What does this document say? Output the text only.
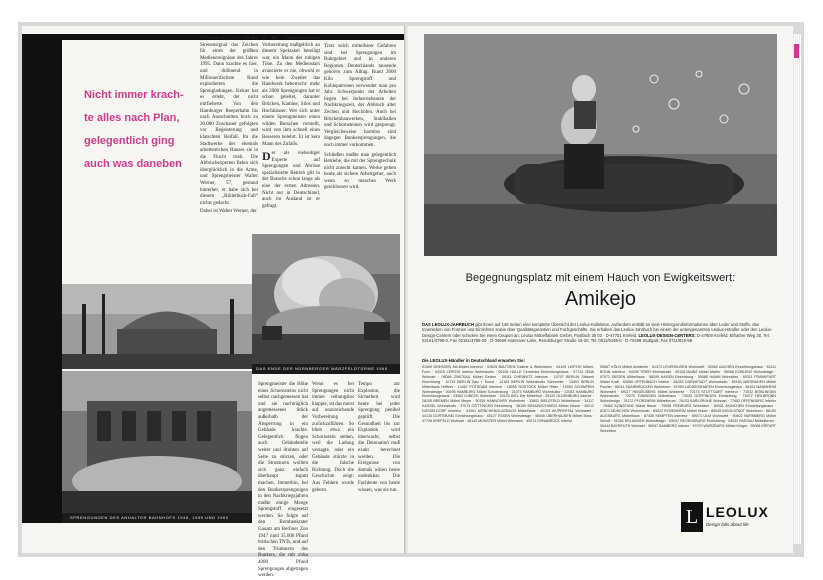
Nicht immer krach-
te alles nach Plan,
gelegentlich ging
auch was daneben
Pünktlich um 13 Uhr gab ein Sirenensignal das Zeichen für eines der größten Medienereignisse des Jahres 1995. Dann krachte es hier, und dröhnend in Millionenfachem Rund explodierten die Sprengladungen. Keiner hat es erlebt, der nicht mitfieberte. Von den Hamburger Reeperbahn bis nach Ausschnitten hoch zu 30.000 Zuschauer gefolgten vor Begeisterung und klatschten Beifall. Im die Stadtwerke des ehemals arbeitsreichen Hauses sie in die Flucht trieb. Die Abbruchexperten fielen sich überglücklich in die Arme, und Sprengmeister Walter Werner, 57, gestand hinterher, er habe sich bei diesem „Bilderbuch-Fall“ nichts gedacht.
Dabei ist Walter Werner, der
in der vieltausendfachen Vorbereitung maßgeblich an diesem Spektakel beteiligt war, ein Mann der ruhigen Töne. Zu den Medienstars avancierte er nie, obwohl er wie kein Zweiter das Handwerk beherrscht: mehr als 2000 Sprengungen hat er schon geleitet, darunter Brücken, Kamine, Silos und Hochhäuser. Wer sich unter einem Sprengmeister einen wilden Burschen vorstellt, wird von ihm schnell eines Besseren belehrt. Er ist kein Mann des Zufalls.
Der als vielseitiger Experte auf Sprengungen und Abrisse spezialisierte Betrieb gilt in der Branche schon lange als eine der ersten Adressen. Nicht nur in Deutschland, auch im Ausland ist er gefragt.
Trotz solch mittelbarer Gefahren sind bei Sprengungen im Ruhrgebiet und in anderen Regionen Deutschlands tausende gehören zum Alltag. Rund 2000 Kilo Sprengstoff und Kohlepatronen verwendet man pro Jahr. Schwerpunkt der Arbeiten liegen bei Industriebauten der Nachkriegszeit, der Abbruch alter Zechen und Hochöfen. Auch bei Brückenbauwerken, Stahlhallen und Schornsteinen wird gesprengt. Vergleichsweise harmlos sind dagegen Bunkersprengungen, die noch immer vorkommen.
Schließen mußte man gelegentlich Betriebe, die mit der Sprengtechnik nicht zurecht kamen. Werke gelten heute als sichere Arbeitgeber, auch wenn so manches Werk geschlossen wird.
DAS ENDE DER NÜRNBERGER MÄRZFELDTÜRME 1966
SPRENGUNGEN DES ANHALTER BAHNHOFS 1948, 1959 UND 1960
Sprengmeister die Höhe eines Schornsteins nicht selbst nachgemessen hat und sie nachträglich angemessenes Stück außerhalb der Absperrung in ein Gebäude krachte. Gelegentlich flogen auch Gebäudeteile weiter und drohten auf Seite zu stürzen, oder die Strukturen wollten sich ganz einfach überhaupt kaputt machen. Immerhin, bei den Bunkersprengungen in den Nachkriegsjahren mußte einige Menge Sprengstoff eingesetzt werden. So folgte auf den Bombenkrater Gauatz am Berliner Zoo 1947 rund 35.000 Pfund britischen TNTs, und auf den Trümmern des Bunkers, die mit zirka 4000 Pfund Sprengungen abgetragen werden.
Wenn es bei Sprengungen nicht immer reibungslos klappte, ist das meist auf unzureichende Vorbereitung zurückzuführen. So blieb etwa ein Schornstein stehen, weil die Ladung versagte, oder ein Gebäude stürzte in die falsche Richtung. Doch die Geschichte zeigt: Aus Fehlern wurde gelernt.
Tempo zur Explosion, die Sicherheit wird heute bei jeder Sprengung penibel geprüft. Die Gesundheit bis zur Explosion wird überwacht, selbst die Detonation muß exakt berechnet werden. Die Ereignisse von damals wären heute undenkbar. Die Fachleute von heute wissen, was sie tun.
Foto: Leolux
Begegnungsplatz mit einem Hauch von Ewigkeitswert:
Amikejo
DAS LEOLUX-JAHRBUCH gibt Ihnen auf 148 Seiten eine komplette Übersicht der Leolux-Kollektion. Außerdem enthält es viele Hintergrundinformationen über Leder und Stoffe, das Innenleben von Formen und Einrichten sowie über Qualitätsgarantien und Fachgeschäfte. Sie erhalten das Leolux-Jahrbuch bei einem der untengenannten Leolux-Händler oder den Leolux-Design-Centern oder schicken Sie einen Coupon an: Leolux Möbelfabriek GmbH, Postfach 38 03 · D-47701 Krefeld. LEOLUX-DESIGN-CENTERS: D-47800 Krefeld, Elfrather Weg 30, Tel. 02151/4798-0, Fax 02151/4798-29 · D-30659 Hannover-Lahe, Rendsburger Straße 18-20, Tel. 0511/6169-0 · D-70499 Stuttgart, Fax 0711/819-58
Die LEOLUX-Händler in Deutschland erwarten Sie:
01069 DRESDEN Mö-Möbel-Interieur · 02625 BAUTZEN Galerie & Wohnideen · 04109 LEIPZIG Möbel-Form · 04315 LEIPZIG Interior Wohnstudio · 06108 HALLE Cerwenka Einrichtungshaus · 07743 JENA Wohnart · 08056 ZWICKAU Möbel Gerber · 09111 CHEMNITZ Interiors · 10707 BERLIN Stilwerk Einrichtung · 10719 BERLIN Bau + Kunst · 12163 BERLIN Wohnstudio Schroeder · 13403 BERLIN Möbelhaus Höffner · 14467 POTSDAM Interieur · 18055 ROSTOCK Möbel Ritter · 19053 SCHWERIN Wohndesign · 20095 HAMBURG Möbel Schulenburg · 21073 HAMBURG Wohnkultur · 22083 HAMBURG Einrichtungshaus · 23552 LÜBECK Wohnidee · 24103 KIEL Der Möbelhof · 26122 OLDENBURG Interior · 28195 BREMEN Möbel Meyer · 30159 HANNOVER Wohnform · 33602 BIELEFELD Möbelforum · 34117 KASSEL Wohnstudio · 37073 GÖTTINGEN Einrichtung · 38100 BRAUNSCHWEIG Möbel Hesse · 40212 DÜSSELDORF Interieur · 41061 MÖNCHENGLADBACH Möbelhaus · 42103 WUPPERTAL Wohnwelt · 44135 DORTMUND Einrichtungshaus · 45127 ESSEN Wohndesign · 46045 OBERHAUSEN Möbel Boss · 47798 KREFELD Wohnart · 48143 MÜNSTER Möbel Wiemann · 49074 OSNABRÜCK Interior
50667 KÖLN Möbel Ambiente · 51373 LEVERKUSEN Wohnwelt · 52062 AACHEN Einrichtungshaus · 53111 BONN Interieur · 54290 TRIER Wohnstudio · 55116 MAINZ Möbel Martin · 56068 KOBLENZ Wohndesign · 57072 SIEGEN Möbelhaus · 58095 HAGEN Einrichtung · 59065 HAMM Wohnidee · 60311 FRANKFURT Möbel Kraft · 63065 OFFENBACH Interior · 64283 DARMSTADT Wohnstudio · 65183 WIESBADEN Möbel Fischer · 66111 SAARBRÜCKEN Wohnform · 67059 LUDWIGSHAFEN Einrichtungshaus · 68161 MANNHEIM Wohnwelt · 69117 HEIDELBERG Möbel Ambiente · 70173 STUTTGART Interieur · 71032 BÖBLINGEN Wohnstudio · 72070 TÜBINGEN Möbelhaus · 73033 GÖPPINGEN Einrichtung · 74072 HEILBRONN Wohndesign · 75172 PFORZHEIM Möbelforum · 76133 KARLSRUHE Wohnart · 77652 OFFENBURG Interior · 78462 KONSTANZ Möbel Bauer · 79098 FREIBURG Wohnidee · 80331 MÜNCHEN Einrichtungshaus · 81671 MÜNCHEN Wohnstudio · 83022 ROSENHEIM Möbel Huber · 85049 INGOLSTADT Wohnform · 86150 AUGSBURG Möbelhaus · 87435 KEMPTEN Interieur · 89073 ULM Wohnwelt · 90402 NÜRNBERG Möbel Schott · 91054 ERLANGEN Wohndesign · 93047 REGENSBURG Einrichtung · 94032 PASSAU Möbelforum · 95444 BAYREUTH Wohnart · 96047 BAMBERG Interior · 97070 WÜRZBURG Möbel Kröger · 99084 ERFURT Wohnidee
L LEOLUX
Design falls about life
